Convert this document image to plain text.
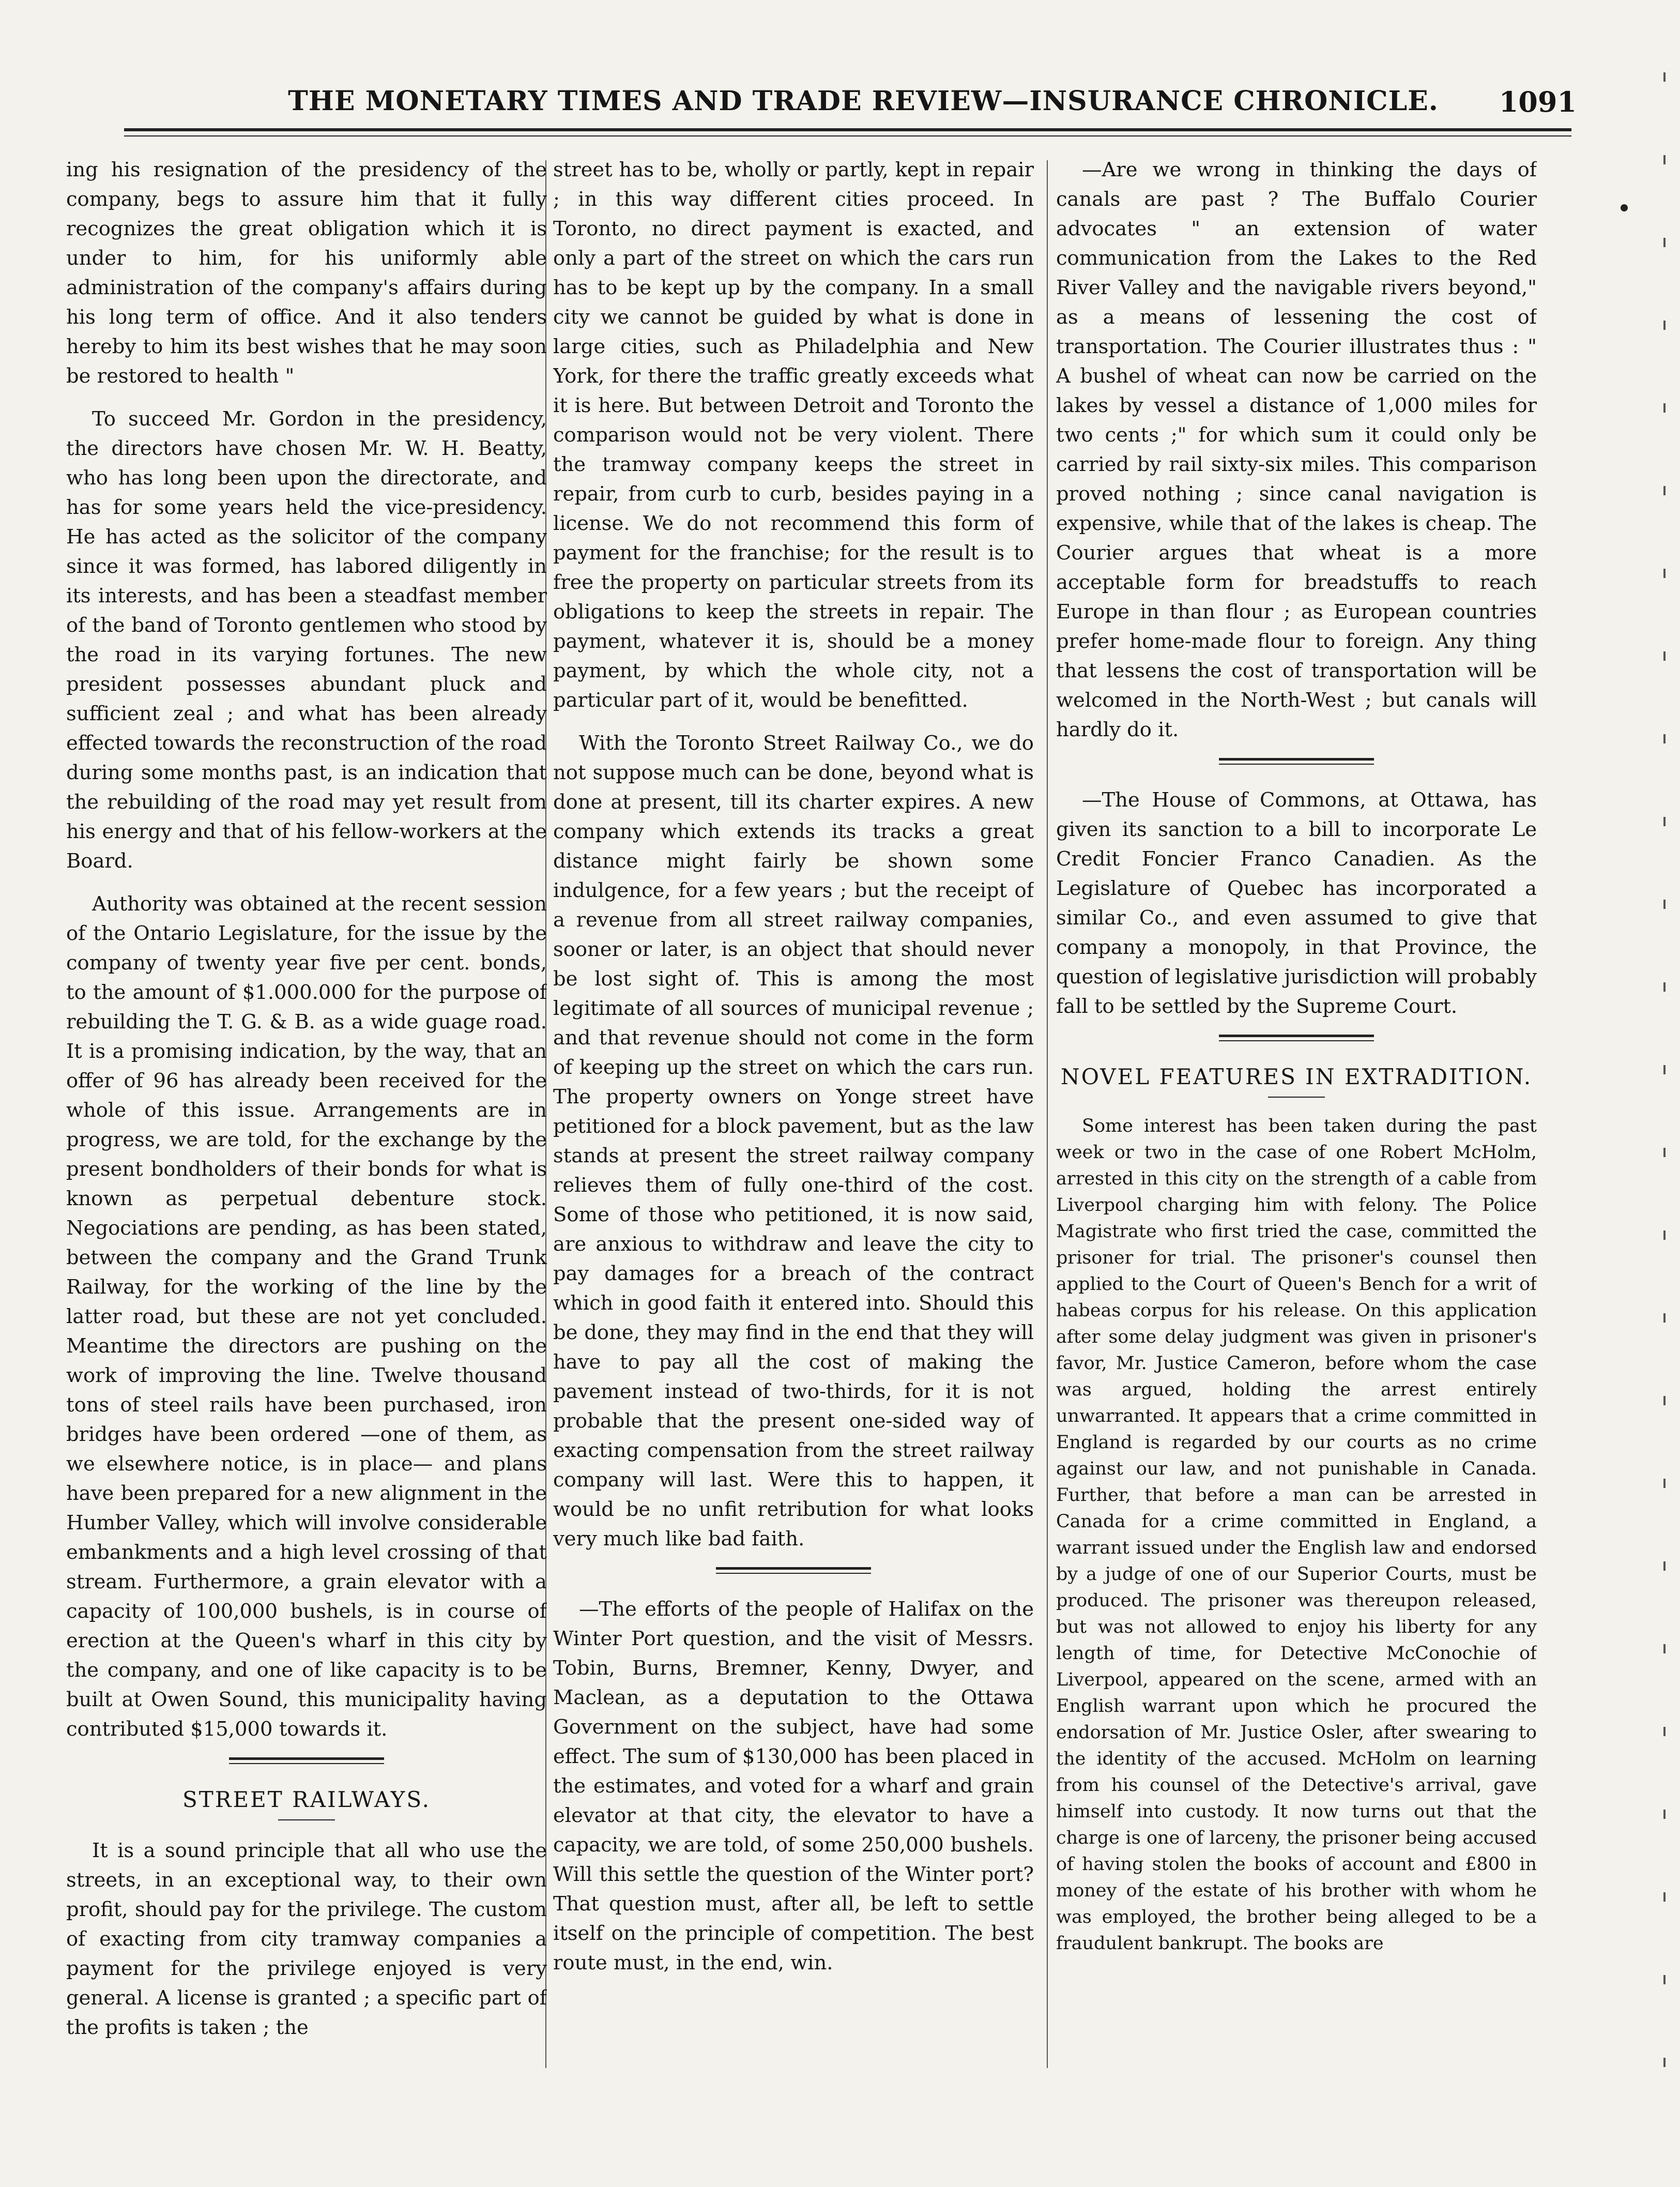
THE MONETARY TIMES AND TRADE REVIEW—INSURANCE CHRONICLE.	1091

ing his resignation of the presidency of the company, begs to assure him that it fully recognizes the great obligation which it is under to him, for his uniformly able administration of the company's affairs during his long term of office. And it also tenders hereby to him its best wishes that he may soon be restored to health "

To succeed Mr. Gordon in the presidency, the directors have chosen Mr. W. H. Beatty, who has long been upon the directorate, and has for some years held the vice-presidency. He has acted as the solicitor of the company since it was formed, has labored diligently in its interests, and has been a steadfast member of the band of Toronto gentlemen who stood by the road in its varying fortunes. The new president possesses abundant pluck and sufficient zeal ; and what has been already effected towards the reconstruction of the road during some months past, is an indication that the rebuilding of the road may yet result from his energy and that of his fellow-workers at the Board.

Authority was obtained at the recent session of the Ontario Legislature, for the issue by the company of twenty year five per cent. bonds, to the amount of $1.000.000 for the purpose of rebuilding the T. G. & B. as a wide guage road. It is a promising indication, by the way, that an offer of 96 has already been received for the whole of this issue. Arrangements are in progress, we are told, for the exchange by the present bondholders of their bonds for what is known as perpetual debenture stock. Negociations are pending, as has been stated, between the company and the Grand Trunk Railway, for the working of the line by the latter road, but these are not yet concluded. Meantime the directors are pushing on the work of improving the line. Twelve thousand tons of steel rails have been purchased, iron bridges have been ordered —one of them, as we elsewhere notice, is in place— and plans have been prepared for a new alignment in the Humber Valley, which will involve considerable embankments and a high level crossing of that stream. Furthermore, a grain elevator with a capacity of 100,000 bushels, is in course of erection at the Queen's wharf in this city by the company, and one of like capacity is to be built at Owen Sound, this municipality having contributed $15,000 towards it.

STREET RAILWAYS.

It is a sound principle that all who use the streets, in an exceptional way, to their own profit, should pay for the privilege. The custom of exacting from city tramway companies a payment for the privilege enjoyed is very general. A license is granted ; a specific part of the profits is taken ; the

street has to be, wholly or partly, kept in repair ; in this way different cities proceed. In Toronto, no direct payment is exacted, and only a part of the street on which the cars run has to be kept up by the company. In a small city we cannot be guided by what is done in large cities, such as Philadelphia and New York, for there the traffic greatly exceeds what it is here. But between Detroit and Toronto the comparison would not be very violent. There the tramway company keeps the street in repair, from curb to curb, besides paying in a license. We do not recommend this form of payment for the franchise; for the result is to free the property on particular streets from its obligations to keep the streets in repair. The payment, whatever it is, should be a money payment, by which the whole city, not a particular part of it, would be benefitted.

With the Toronto Street Railway Co., we do not suppose much can be done, beyond what is done at present, till its charter expires. A new company which extends its tracks a great distance might fairly be shown some indulgence, for a few years ; but the receipt of a revenue from all street railway companies, sooner or later, is an object that should never be lost sight of. This is among the most legitimate of all sources of municipal revenue ; and that revenue should not come in the form of keeping up the street on which the cars run. The property owners on Yonge street have petitioned for a block pavement, but as the law stands at present the street railway company relieves them of fully one-third of the cost. Some of those who petitioned, it is now said, are anxious to withdraw and leave the city to pay damages for a breach of the contract which in good faith it entered into. Should this be done, they may find in the end that they will have to pay all the cost of making the pavement instead of two-thirds, for it is not probable that the present one-sided way of exacting compensation from the street railway company will last. Were this to happen, it would be no unfit retribution for what looks very much like bad faith.

—The efforts of the people of Halifax on the Winter Port question, and the visit of Messrs. Tobin, Burns, Bremner, Kenny, Dwyer, and Maclean, as a deputation to the Ottawa Government on the subject, have had some effect. The sum of $130,000 has been placed in the estimates, and voted for a wharf and grain elevator at that city, the elevator to have a capacity, we are told, of some 250,000 bushels. Will this settle the question of the Winter port? That question must, after all, be left to settle itself on the principle of competition. The best route must, in the end, win.

—Are we wrong in thinking the days of canals are past ? The Buffalo Courier advocates " an extension of water communication from the Lakes to the Red River Valley and the navigable rivers beyond," as a means of lessening the cost of transportation. The Courier illustrates thus : " A bushel of wheat can now be carried on the lakes by vessel a distance of 1,000 miles for two cents ;" for which sum it could only be carried by rail sixty-six miles. This comparison proved nothing ; since canal navigation is expensive, while that of the lakes is cheap. The Courier argues that wheat is a more acceptable form for breadstuffs to reach Europe in than flour ; as European countries prefer home-made flour to foreign. Any thing that lessens the cost of transportation will be welcomed in the North-West ; but canals will hardly do it.

—The House of Commons, at Ottawa, has given its sanction to a bill to incorporate Le Credit Foncier Franco Canadien. As the Legislature of Quebec has incorporated a similar Co., and even assumed to give that company a monopoly, in that Province, the question of legislative jurisdiction will probably fall to be settled by the Supreme Court.

NOVEL FEATURES IN EXTRADITION.

Some interest has been taken during the past week or two in the case of one Robert McHolm, arrested in this city on the strength of a cable from Liverpool charging him with felony. The Police Magistrate who first tried the case, committed the prisoner for trial. The prisoner's counsel then applied to the Court of Queen's Bench for a writ of habeas corpus for his release. On this application after some delay judgment was given in prisoner's favor, Mr. Justice Cameron, before whom the case was argued, holding the arrest entirely unwarranted. It appears that a crime committed in England is regarded by our courts as no crime against our law, and not punishable in Canada. Further, that before a man can be arrested in Canada for a crime committed in England, a warrant issued under the English law and endorsed by a judge of one of our Superior Courts, must be produced. The prisoner was thereupon released, but was not allowed to enjoy his liberty for any length of time, for Detective McConochie of Liverpool, appeared on the scene, armed with an English warrant upon which he procured the endorsation of Mr. Justice Osler, after swearing to the identity of the accused. McHolm on learning from his counsel of the Detective's arrival, gave himself into custody. It now turns out that the charge is one of larceny, the prisoner being accused of having stolen the books of account and £800 in money of the estate of his brother with whom he was employed, the brother being alleged to be a fraudulent bankrupt. The books are
